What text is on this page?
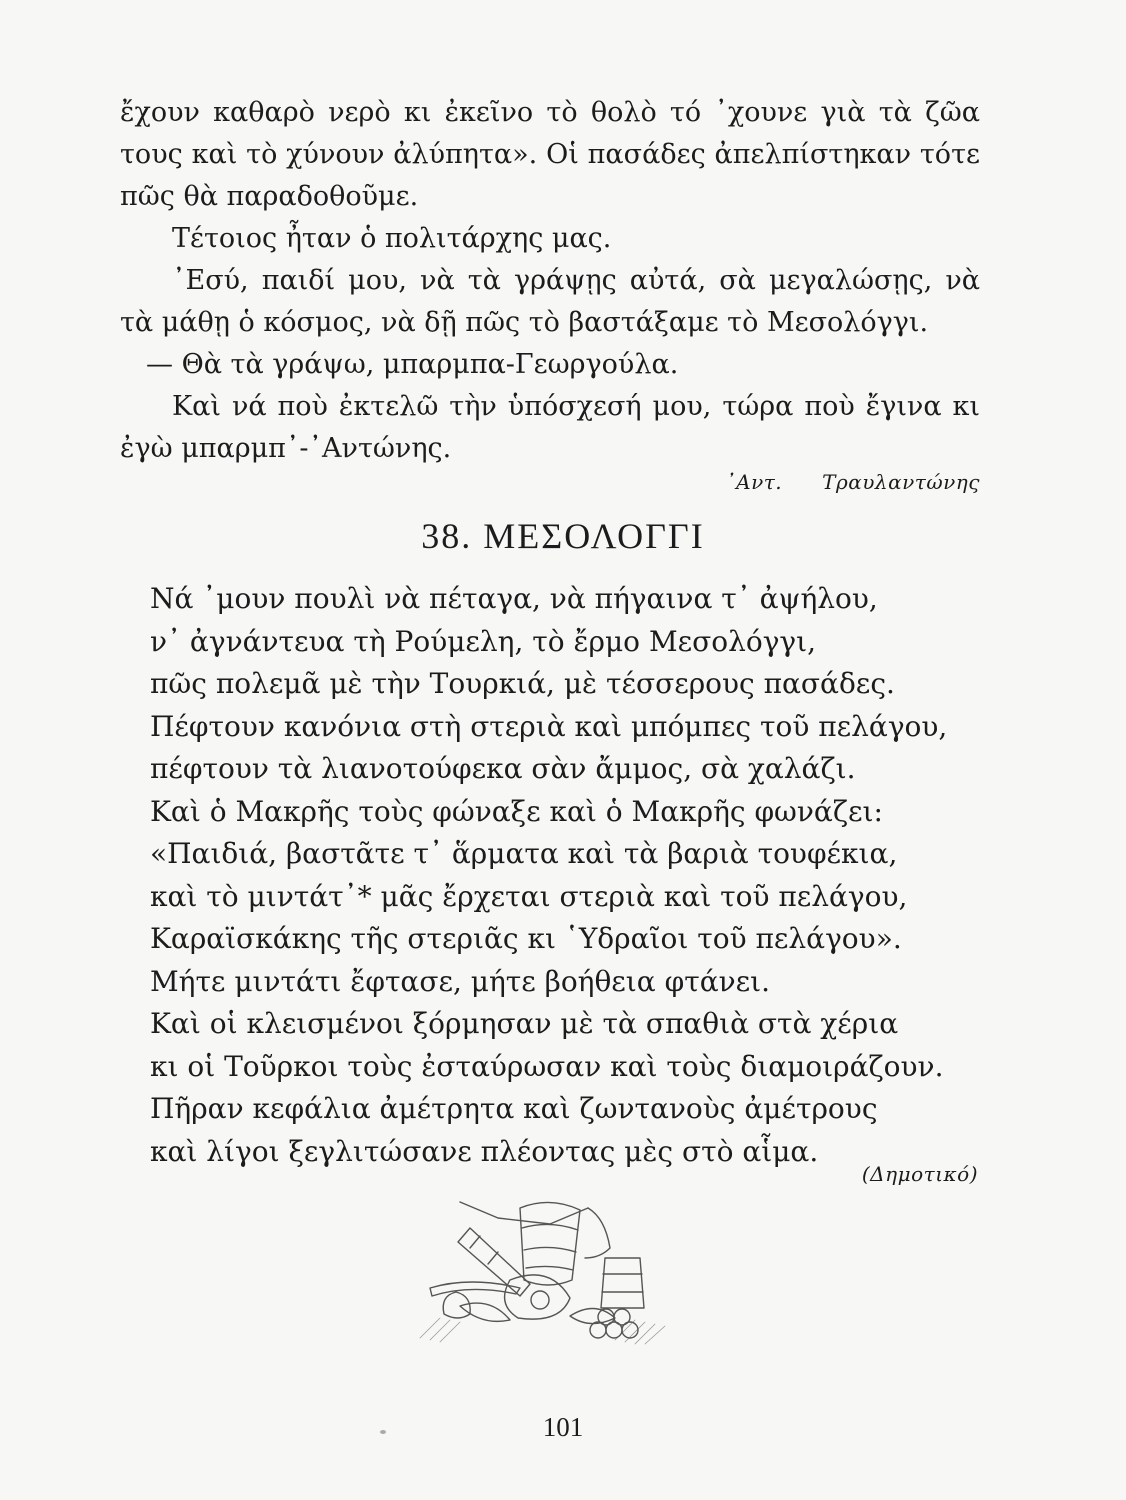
ἔχουν καθαρὸ νερὸ κι ἐκεῖνο τὸ θολὸ τό ᾿χουνε γιὰ τὰ ζῶα τους καὶ τὸ χύνουν ἀλύπητα». Οἱ πασάδες ἀπελπίστηκαν τότε πῶς θὰ παραδοθοῦμε.

Τέτοιος ἦταν ὁ πολιτάρχης μας.

᾿Εσύ, παιδί μου, νὰ τὰ γράψῃς αὐτά, σὰ μεγαλώσῃς, νὰ τὰ μάθῃ ὁ κόσμος, νὰ δῇ πῶς τὸ βαστάξαμε τὸ Μεσολόγγι.

— Θὰ τὰ γράψω, μπαρμπα-Γεωργούλα.

Καὶ νά ποὺ ἐκτελῶ τὴν ὑπόσχεσή μου, τώρα ποὺ ἔγινα κι ἐγὼ μπαρμπ᾿-᾿Αντώνης.

᾿Αντ. Τραυλαντώνης
38. ΜΕΣΟΛΟΓΓΙ
Νά ᾿μουν πουλὶ νὰ πέταγα, νὰ πήγαινα τ᾿ ἀψήλου,
ν᾿ ἀγνάντευα τὴ Ρούμελη, τὸ ἔρμο Μεσολόγγι,
πῶς πολεμᾶ μὲ τὴν Τουρκιά, μὲ τέσσερους πασάδες.
Πέφτουν κανόνια στὴ στεριὰ καὶ μπόμπες τοῦ πελάγου,
πέφτουν τὰ λιανοτούφεκα σὰν ἄμμος, σὰ χαλάζι.
Καὶ ὁ Μακρῆς τοὺς φώναξε καὶ ὁ Μακρῆς φωνάζει:
«Παιδιά, βαστᾶτε τ᾿ ἅρματα καὶ τὰ βαριὰ τουφέκια,
καὶ τὸ μιντάτ᾿* μᾶς ἔρχεται στεριὰ καὶ τοῦ πελάγου,
Καραϊσκάκης τῆς στεριᾶς κι ῾Υδραῖοι τοῦ πελάγου».
Μήτε μιντάτι ἔφτασε, μήτε βοήθεια φτάνει.
Καὶ οἱ κλεισμένοι ξόρμησαν μὲ τὰ σπαθιὰ στὰ χέρια
κι οἱ Τοῦρκοι τοὺς ἐσταύρωσαν καὶ τοὺς διαμοιράζουν.
Πῆραν κεφάλια ἀμέτρητα καὶ ζωντανοὺς ἀμέτρους
καὶ λίγοι ξεγλιτώσανε πλέοντας μὲς στὸ αἷμα.
(Δημοτικό)
101
